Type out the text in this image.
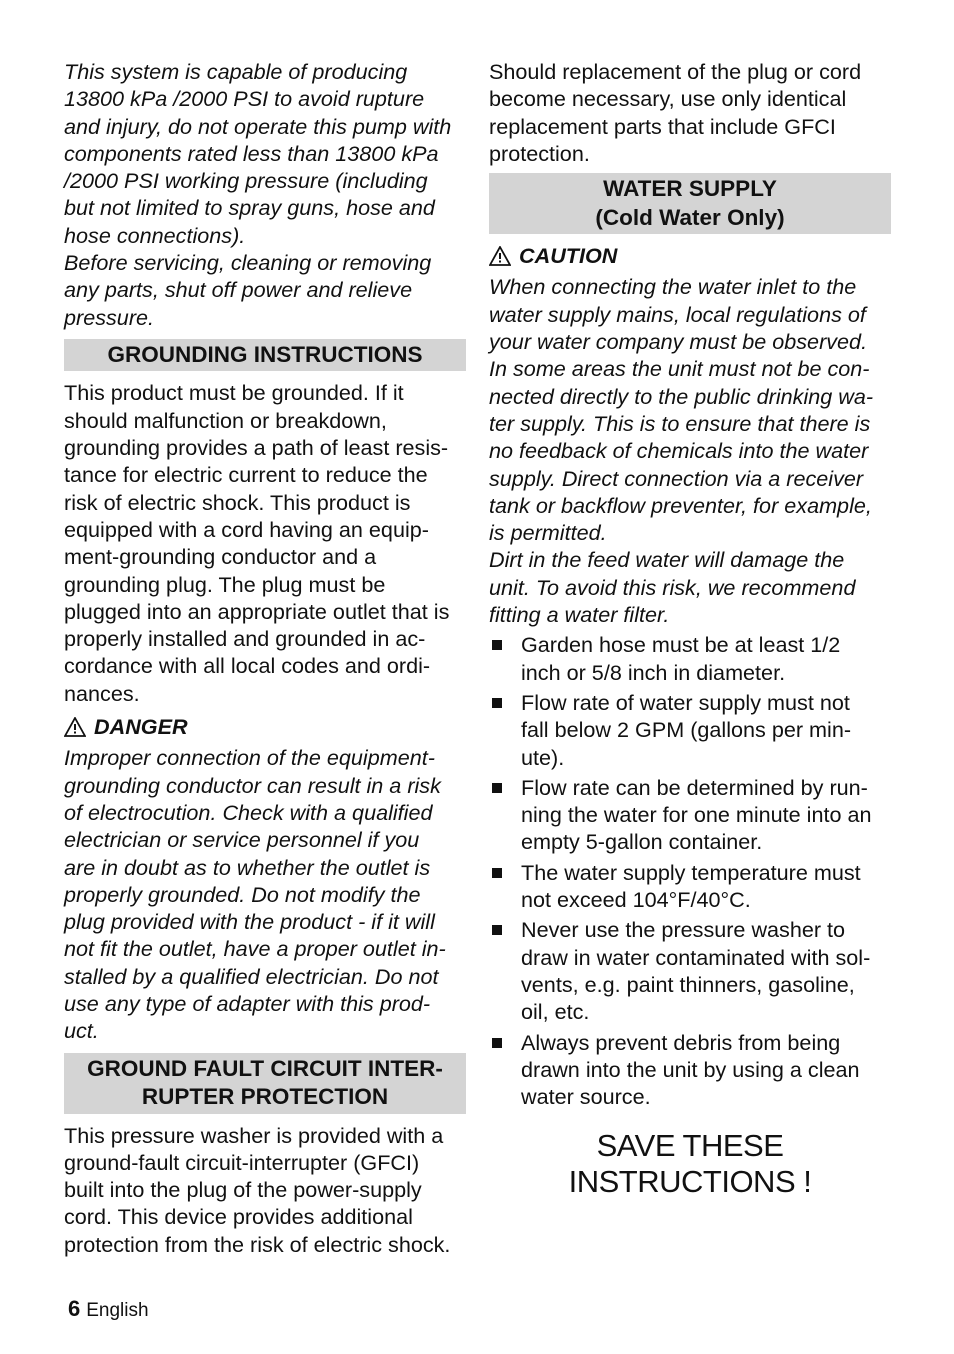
This system is capable of producing
13800 kPa /2000 PSI to avoid rupture
and injury, do not operate this pump with
components rated less than 13800 kPa
/2000 PSI working pressure (including
but not limited to spray guns, hose and
hose connections).
Before servicing, cleaning or removing
any parts, shut off power and relieve
pressure.
GROUNDING INSTRUCTIONS
This product must be grounded. If it
should malfunction or breakdown,
grounding provides a path of least resis-
tance for electric current to reduce the
risk of electric shock. This product is
equipped with a cord having an equip-
ment-grounding conductor and a
grounding plug. The plug must be
plugged into an appropriate outlet that is
properly installed and grounded in ac-
cordance with all local codes and ordi-
nances.
DANGER
Improper connection of the equipment-
grounding conductor can result in a risk
of electrocution. Check with a qualified
electrician or service personnel if you
are in doubt as to whether the outlet is
properly grounded. Do not modify the
plug provided with the product - if it will
not fit the outlet, have a proper outlet in-
stalled by a qualified electrician. Do not
use any type of adapter with this prod-
uct.
GROUND FAULT CIRCUIT INTER-
RUPTER PROTECTION
This pressure washer is provided with a
ground-fault circuit-interrupter (GFCI)
built into the plug of the power-supply
cord. This device provides additional
protection from the risk of electric shock.
Should replacement of the plug or cord
become necessary, use only identical
replacement parts that include GFCI
protection.
WATER SUPPLY
(Cold Water Only)
CAUTION
When connecting the water inlet to the
water supply mains, local regulations of
your water company must be observed.
In some areas the unit must not be con-
nected directly to the public drinking wa-
ter supply. This is to ensure that there is
no feedback of chemicals into the water
supply. Direct connection via a receiver
tank or backflow preventer, for example,
is permitted.
Dirt in the feed water will damage the
unit. To avoid this risk, we recommend
fitting a water filter.
Garden hose must be at least 1/2
inch or 5/8 inch in diameter.
Flow rate of water supply must not
fall below 2 GPM (gallons per min-
ute).
Flow rate can be determined by run-
ning the water for one minute into an
empty 5-gallon container.
The water supply temperature must
not exceed 104°F/40°C.
Never use the pressure washer to
draw in water contaminated with sol-
vents, e.g. paint thinners, gasoline,
oil, etc.
Always prevent debris from being
drawn into the unit by using a clean
water source.
SAVE THESE
INSTRUCTIONS !
6 English
